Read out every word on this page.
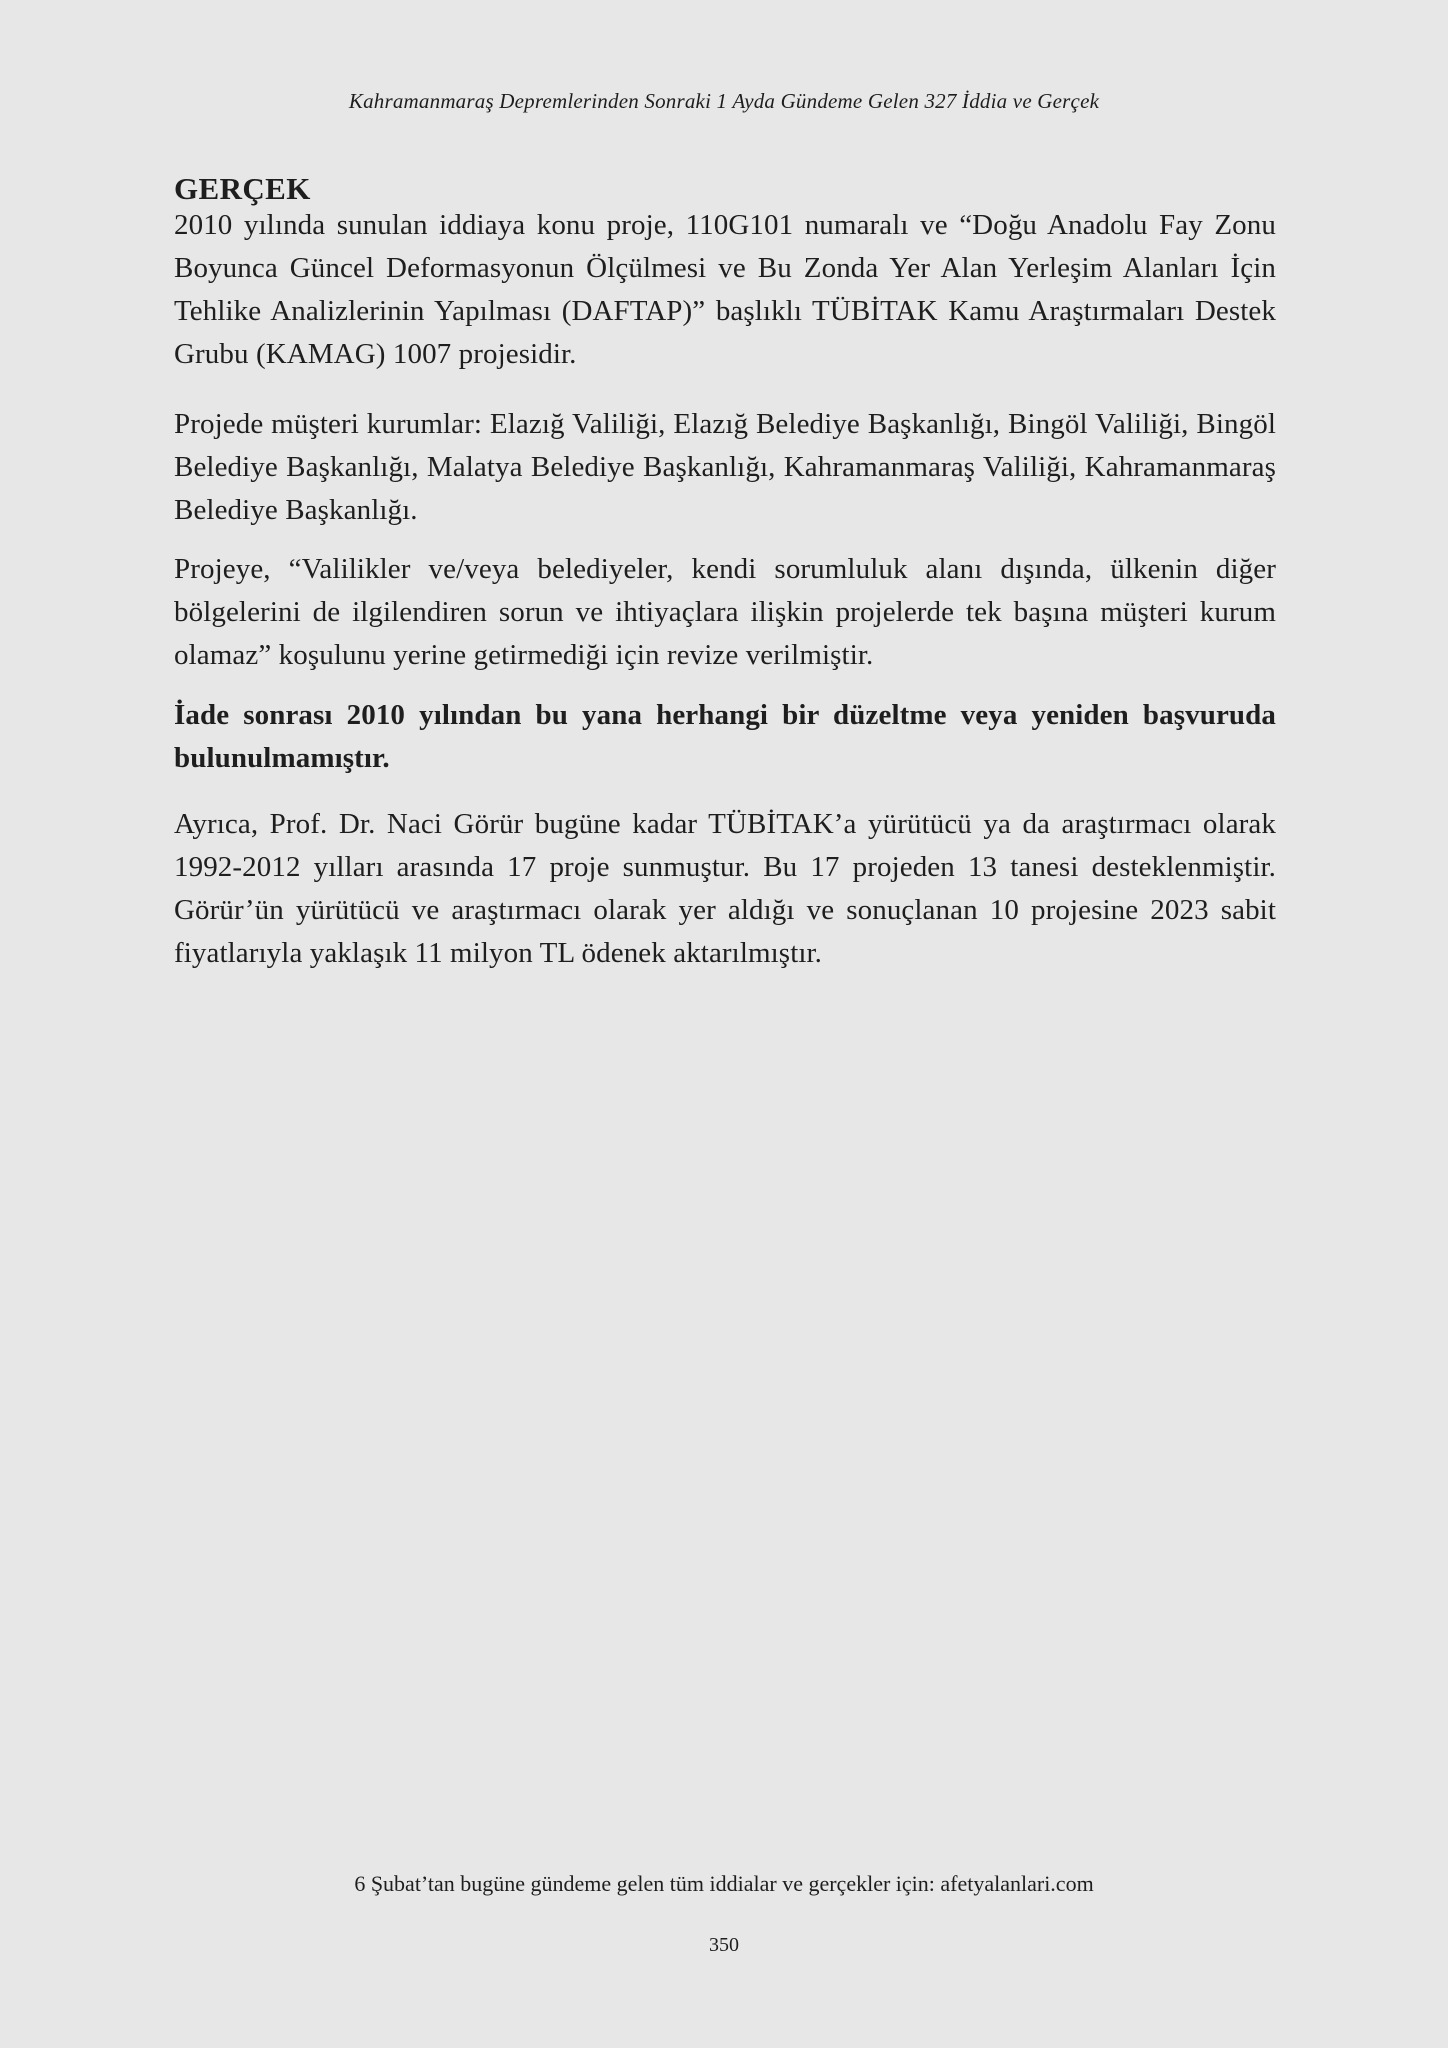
Kahramanmaraş Depremlerinden Sonraki 1 Ayda Gündeme Gelen 327 İddia ve Gerçek
GERÇEK

2010 yılında sunulan iddiaya konu proje, 110G101 numaralı ve “Doğu Anadolu Fay Zonu Boyunca Güncel Deformasyonun Ölçülmesi ve Bu Zonda Yer Alan Yerleşim Alanları İçin Tehlike Analizlerinin Yapılması (DAFTAP)” başlıklı TÜBİTAK Kamu Araştırmaları Destek Grubu (KAMAG) 1007 projesidir.

Projede müşteri kurumlar: Elazığ Valiliği, Elazığ Belediye Başkanlığı, Bingöl Valiliği, Bingöl Belediye Başkanlığı, Malatya Belediye Başkanlığı, Kahramanmaraş Valiliği, Kahramanmaraş Belediye Başkanlığı.

Projeye, “Valilikler ve/veya belediyeler, kendi sorumluluk alanı dışında, ülkenin diğer bölgelerini de ilgilendiren sorun ve ihtiyaçlara ilişkin projelerde tek başına müşteri kurum olamaz” koşulunu yerine getirmediği için revize verilmiştir.

İade sonrası 2010 yılından bu yana herhangi bir düzeltme veya yeniden başvuruda bulunulmamıştır.

Ayrıca, Prof. Dr. Naci Görür bugüne kadar TÜBİTAK’a yürütücü ya da araştırmacı olarak 1992-2012 yılları arasında 17 proje sunmuştur. Bu 17 projeden 13 tanesi desteklenmiştir. Görür’ün yürütücü ve araştırmacı olarak yer aldığı ve sonuçlanan 10 projesine 2023 sabit fiyatlarıyla yaklaşık 11 milyon TL ödenek aktarılmıştır.

6 Şubat’tan bugüne gündeme gelen tüm iddialar ve gerçekler için: afetyalanlari.com
350
